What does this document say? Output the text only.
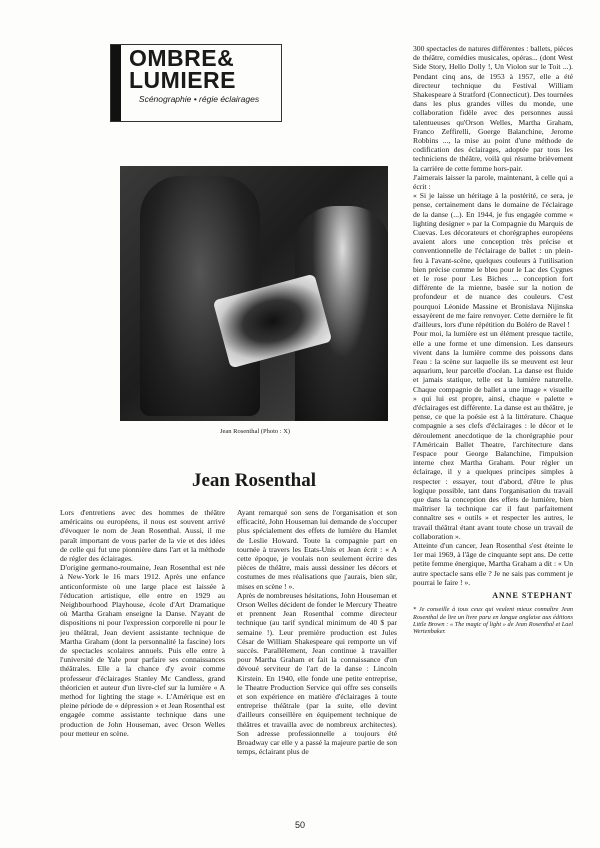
OMBRE&
LUMIERE
Scénographie • régie éclairages
Jean Rosenthal (Photo : X)
Jean Rosenthal

Lors d'entretiens avec des hommes de théâtre américains ou européens, il nous est souvent arrivé d'évoquer le nom de Jean Rosenthal. Aussi, il me paraît important de vous parler de la vie et des idées de celle qui fut une pionnière dans l'art et la méthode de régler des éclairages.

D'origine germano-roumaine, Jean Rosenthal est née à New-York le 16 mars 1912. Après une enfance anticonformiste où une large place est laissée à l'éducation artistique, elle entre en 1929 au Neighbourhood Playhouse, école d'Art Dramatique où Martha Graham enseigne la Danse. N'ayant de dispositions ni pour l'expression corporelle ni pour le jeu théâtral, Jean devient assistante technique de Martha Graham (dont la personnalité la fascine) lors de spectacles scolaires annuels. Puis elle entre à l'université de Yale pour parfaire ses connaissances théâtrales. Elle a la chance d'y avoir comme professeur d'éclairages Stanley Mc Candless, grand théoricien et auteur d'un livre-clef sur la lumière « A method for lighting the stage ». L'Amérique est en pleine période de « dépression » et Jean Rosenthal est engagée comme assistante technique dans une production de John Houseman, avec Orson Welles pour metteur en scène.

Ayant remarqué son sens de l'organisation et son efficacité, John Houseman lui demande de s'occuper plus spécialement des effets de lumière du Hamlet de Leslie Howard. Toute la compagnie part en tournée à travers les Etats-Unis et Jean écrit : « A cette époque, je voulais non seulement écrire des pièces de théâtre, mais aussi dessiner les décors et costumes de mes réalisations que j'aurais, bien sûr, mises en scène ! ».

Après de nombreuses hésitations, John Houseman et Orson Welles décident de fonder le Mercury Theatre et prennent Jean Rosenthal comme directeur technique (au tarif syndical minimum de 40 $ par semaine !). Leur première production est Jules César de William Shakespeare qui remporte un vif succès. Parallèlement, Jean continue à travailler pour Martha Graham et fait la connaissance d'un dévoué serviteur de l'art de la danse : Lincoln Kirstein. En 1940, elle fonde une petite entreprise, le Theatre Production Service qui offre ses conseils et son expérience en matière d'éclairages à toute entreprise théâtrale (par la suite, elle devint d'ailleurs conseillère en équipement technique de théâtres et travailla avec de nombreux architectes). Son adresse professionnelle a toujours été Broadway car elle y a passé la majeure partie de son temps, éclairant plus de

300 spectacles de natures différentes : ballets, pièces de théâtre, comédies musicales, opéras... (dont West Side Story, Hello Dolly !, Un Violon sur le Toit ...). Pendant cinq ans, de 1953 à 1957, elle a été directeur technique du Festival William Shakespeare à Stratford (Connecticut). Des tournées dans les plus grandes villes du monde, une collaboration fidèle avec des personnes aussi talentueuses qu'Orson Welles, Martha Graham, Franco Zeffirelli, Goerge Balanchine, Jerome Robbins ..., la mise au point d'une méthode de codification des éclairages, adoptée par tous les techniciens de théâtre, voilà qui résume brièvement la carrière de cette femme hors-pair.

J'aimerais laisser la parole, maintenant, à celle qui a écrit :

« Si je laisse un héritage à la postérité, ce sera, je pense, certainement dans le domaine de l'éclairage de la danse (...). En 1944, je fus engagée comme « lighting designer » par la Compagnie du Marquis de Cuevas. Les décorateurs et chorégraphes européens avaient alors une conception très précise et conventionnelle de l'éclairage de ballet : un plein-feu à l'avant-scène, quelques couleurs à l'utilisation bien précise comme le bleu pour le Lac des Cygnes et le rose pour Les Biches ... conception fort différente de la mienne, basée sur la notion de profondeur et de nuance des couleurs. C'est pourquoi Léonide Massine et Bronislava Nijinska essayèrent de me faire renvoyer. Cette dernière le fit d'ailleurs, lors d'une répétition du Boléro de Ravel !

Pour moi, la lumière est un élément presque tactile, elle a une forme et une dimension. Les danseurs vivent dans la lumière comme des poissons dans l'eau : la scène sur laquelle ils se meuvent est leur aquarium, leur parcelle d'océan. La danse est fluide et jamais statique, telle est la lumière naturelle. Chaque compagnie de ballet a une image « visuelle » qui lui est propre, ainsi, chaque « palette » d'éclairages est différente. La danse est au théâtre, je pense, ce que la poésie est à la littérature. Chaque compagnie a ses clefs d'éclairages : le décor et le déroulement anecdotique de la chorégraphie pour l'Américain Ballet Theatre, l'architecture dans l'espace pour George Balanchine, l'impulsion interne chez Martha Graham. Pour régler un éclairage, il y a quelques principes simples à respecter : essayer, tout d'abord, d'être le plus logique possible, tant dans l'organisation du travail que dans la conception des effets de lumière, bien maîtriser la technique car il faut parfaitement connaître ses « outils » et respecter les autres, le travail théâtral étant avant toute chose un travail de collaboration ».

Atteinte d'un cancer, Jean Rosenthal s'est éteinte le 1er mai 1969, à l'âge de cinquante sept ans. De cette petite femme énergique, Martha Graham a dit : « Un autre spectacle sans elle ? Je ne sais pas comment je pourrai le faire ! ».

ANNE STEPHANT
* Je conseille à tous ceux qui veulent mieux connaître Jean Rosenthal de lire un livre paru en langue anglaise aux éditions Little Brown : « The magic of light » de Jean Rosenthal et Lael Wertenbaker.
50
